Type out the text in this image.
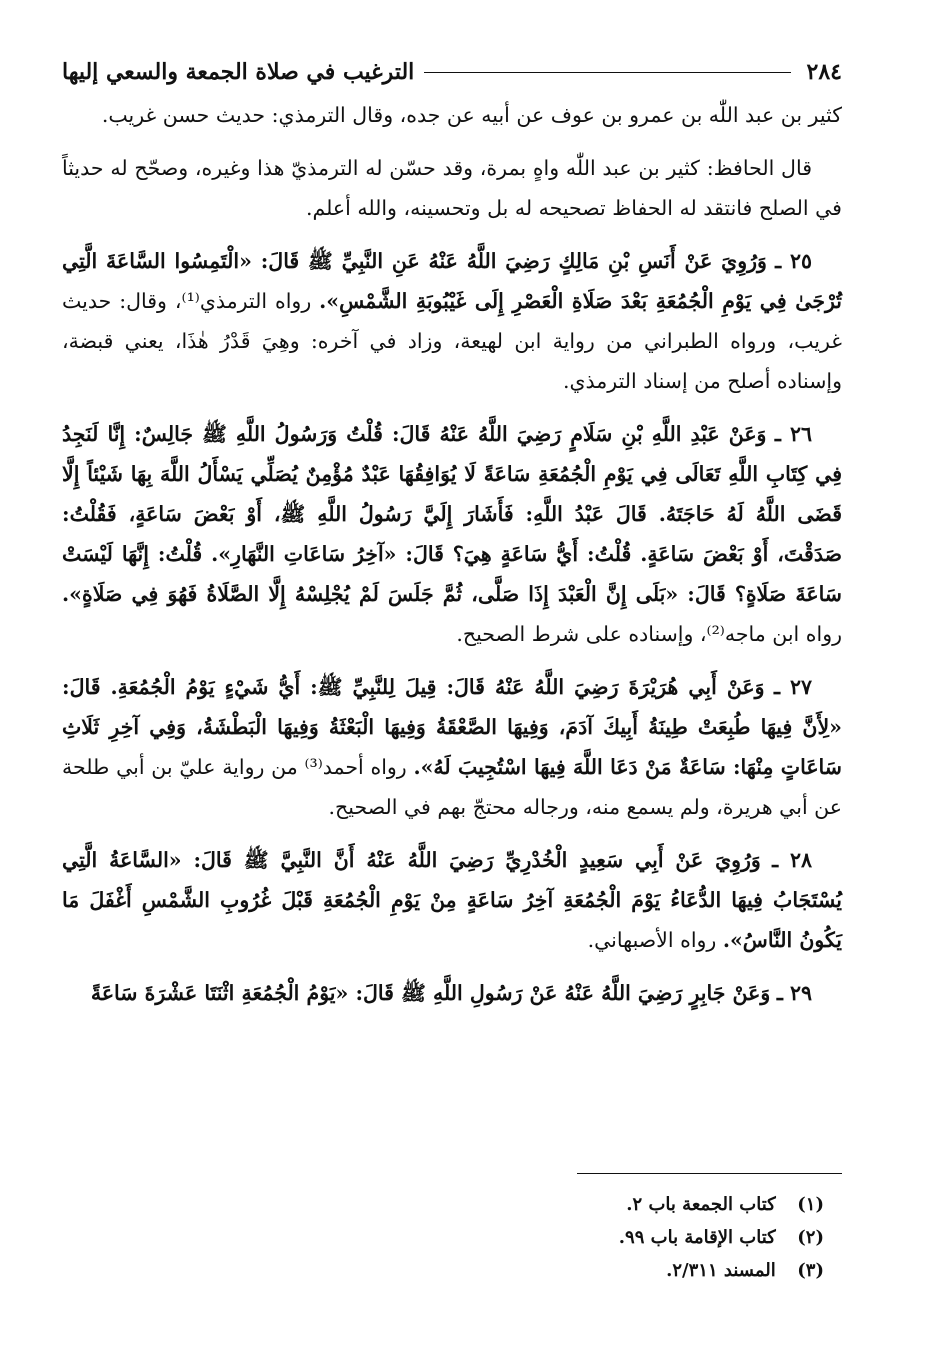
٢٨٤
الترغيب في صلاة الجمعة والسعي إليها

كثير بن عبد اللّٰه بن عمرو بن عوف عن أبيه عن جده، وقال الترمذي: حديث حسن غريب.

قال الحافظ: كثير بن عبد اللّٰه واهٍ بمرة، وقد حسّن له الترمذيّ هذا وغيره، وصحّح له حديثاً في الصلح فانتقد له الحفاظ تصحيحه له بل وتحسينه، والله أعلم.

٢٥ ـ وَرُوِيَ عَنْ أَنَسِ بْنِ مَالِكٍ رَضِيَ اللَّهُ عَنْهُ عَنِ النَّبِيِّ ﷺ قَالَ: «الْتَمِسُوا السَّاعَةَ الَّتِي تُرْجَىٰ فِي يَوْمِ الْجُمُعَةِ بَعْدَ صَلَاةِ الْعَصْرِ إِلَى غَيْبُوبَةِ الشَّمْسِ». رواه الترمذي⁽¹⁾، وقال: حديث غريب، ورواه الطبراني من رواية ابن لهيعة، وزاد في آخره: وهِيَ قَدْرُ هٰذَا، يعني قبضة، وإسناده أصلح من إسناد الترمذي.

٢٦ ـ وَعَنْ عَبْدِ اللَّهِ بْنِ سَلَامٍ رَضِيَ اللَّهُ عَنْهُ قَالَ: قُلْتُ وَرَسُولُ اللَّهِ ﷺ جَالِسٌ: إِنَّا لَنَجِدُ فِي كِتَابِ اللَّهِ تَعَالَى فِي يَوْمِ الْجُمُعَةِ سَاعَةً لَا يُوَافِقُهَا عَبْدٌ مُؤْمِنٌ يُصَلِّي يَسْأَلُ اللَّهَ بِهَا شَيْئاً إِلَّا قَضَى اللَّهُ لَهُ حَاجَتَهُ. قَالَ عَبْدُ اللَّهِ: فَأَشَارَ إِلَيَّ رَسُولُ اللَّهِ ﷺ، أَوْ بَعْضَ سَاعَةٍ، فَقُلْتُ: صَدَقْتَ، أَوْ بَعْضَ سَاعَةٍ. قُلْتُ: أَيُّ سَاعَةٍ هِيَ؟ قَالَ: «آخِرُ سَاعَاتِ النَّهَارِ». قُلْتُ: إِنَّهَا لَيْسَتْ سَاعَةَ صَلَاةٍ؟ قَالَ: «بَلَى إِنَّ الْعَبْدَ إِذَا صَلَّى، ثُمَّ جَلَسَ لَمْ يُجْلِسْهُ إِلَّا الصَّلَاةُ فَهُوَ فِي صَلَاةٍ». رواه ابن ماجه⁽²⁾، وإسناده على شرط الصحيح.

٢٧ ـ وَعَنْ أَبِي هُرَيْرَةَ رَضِيَ اللَّهُ عَنْهُ قَالَ: قِيلَ لِلنَّبِيِّ ﷺ: أَيُّ شَيْءٍ يَوْمُ الْجُمُعَةِ. قَالَ: «لِأَنَّ فِيهَا طُبِعَتْ طِينَةُ أَبِيكَ آدَمَ، وَفِيهَا الصَّعْقَةُ وَفِيهَا الْبَعْثَةُ وَفِيهَا الْبَطْشَةُ، وَفِي آخِرِ ثَلَاثِ سَاعَاتٍ مِنْهَا: سَاعَةٌ مَنْ دَعَا اللَّهَ فِيهَا اسْتُجِيبَ لَهُ». رواه أحمد⁽³⁾ من رواية عليّ بن أبي طلحة عن أبي هريرة، ولم يسمع منه، ورجاله محتجّ بهم في الصحيح.

٢٨ ـ وَرُوِيَ عَنْ أَبِي سَعِيدٍ الْخُدْرِيِّ رَضِيَ اللَّهُ عَنْهُ أَنَّ النَّبِيَّ ﷺ قَالَ: «السَّاعَةُ الَّتِي يُسْتَجَابُ فِيهَا الدُّعَاءُ يَوْمَ الْجُمُعَةِ آخِرُ سَاعَةٍ مِنْ يَوْمِ الْجُمُعَةِ قَبْلَ غُرُوبِ الشَّمْسِ أَغْفَلَ مَا يَكُونُ النَّاسُ». رواه الأصبهاني.

٢٩ ـ وَعَنْ جَابِرٍ رَضِيَ اللَّهُ عَنْهُ عَنْ رَسُولِ اللَّهِ ﷺ قَالَ: «يَوْمُ الْجُمُعَةِ اثْنَتَا عَشْرَةَ سَاعَةً

(١) كتاب الجمعة باب ٢.
(٢) كتاب الإقامة باب ٩٩.
(٣) المسند ٢/٣١١.
